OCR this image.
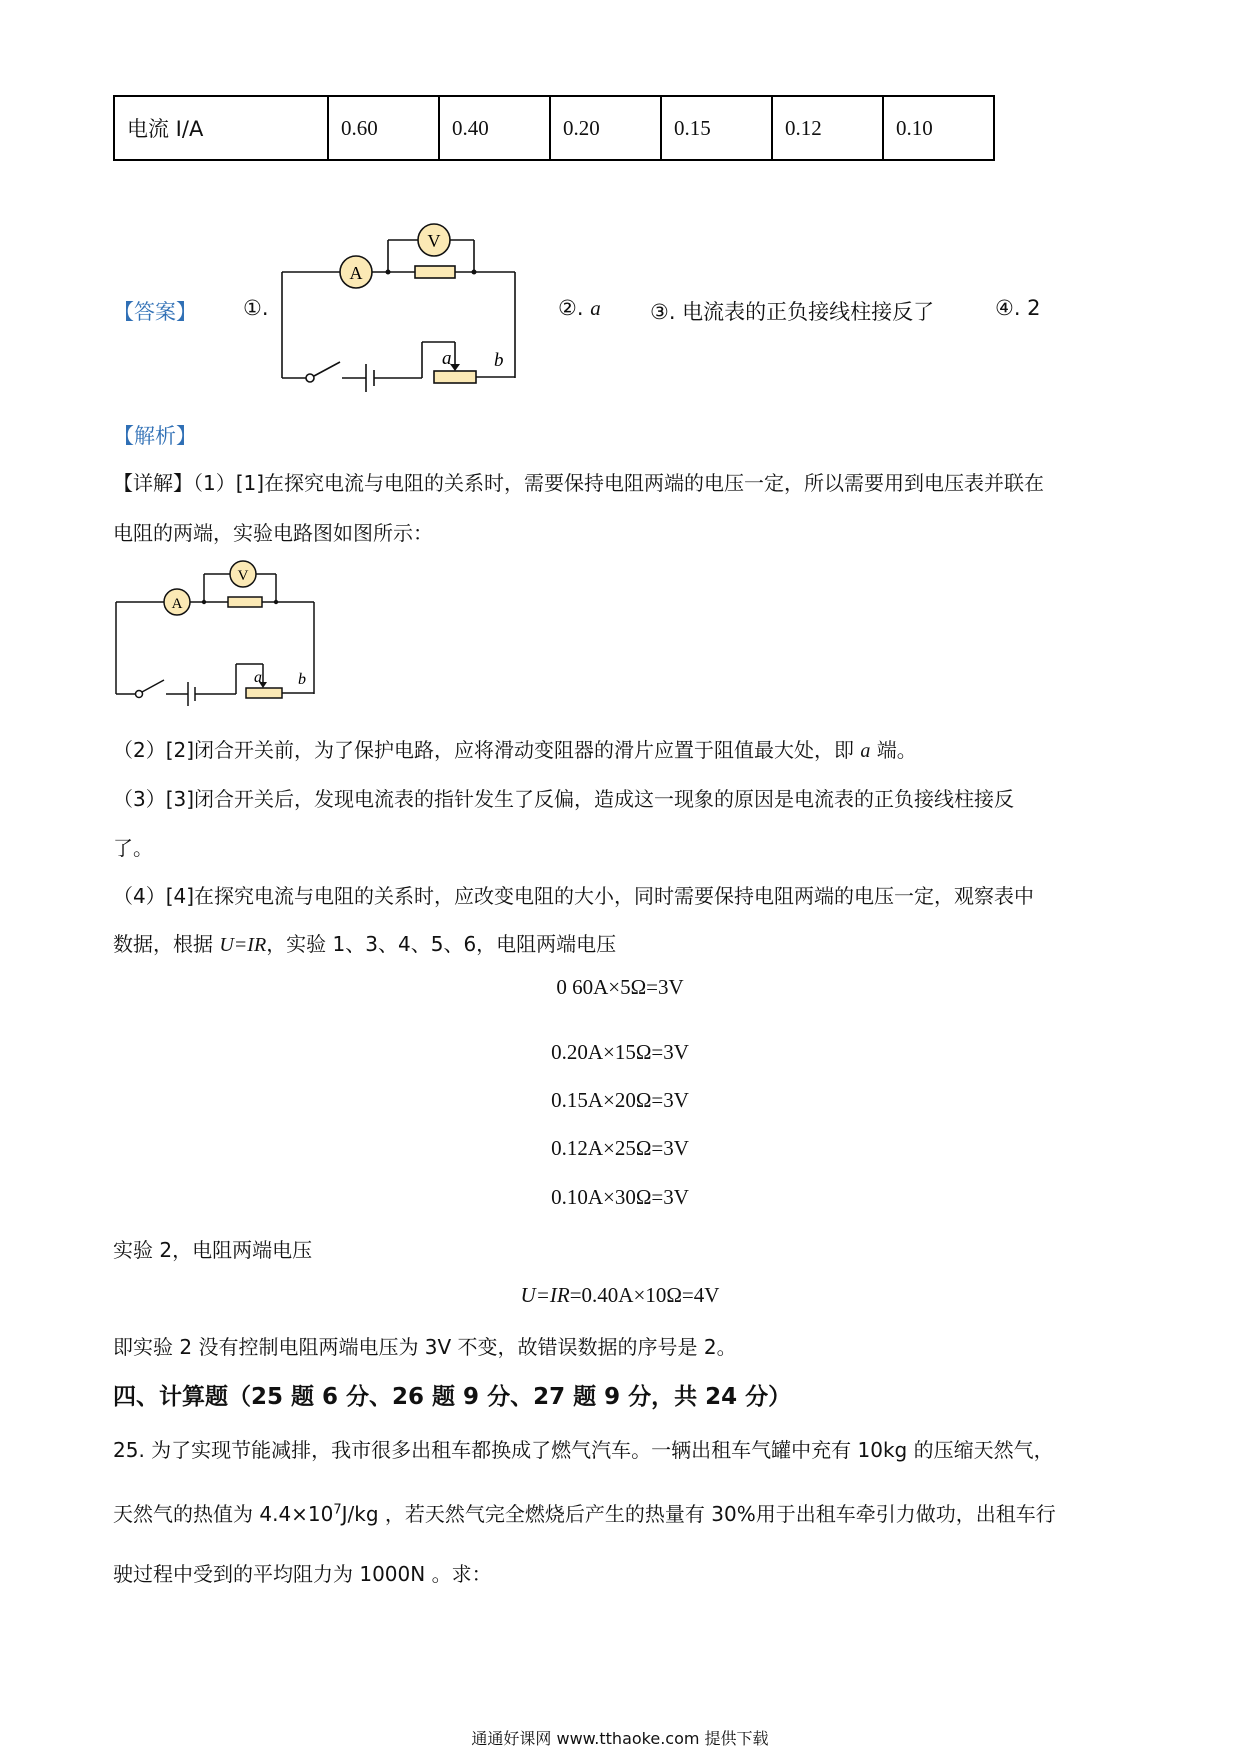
电流 I/A	0.60	0.40	0.20	0.15	0.12	0.10
【答案】 ①.
A
V
a b
②. a ③. 电流表的正负接线柱接反了	④. 2
【解析】
【详解】（1）[1]在探究电流与电阻的关系时，需要保持电阻两端的电压一定，所以需要用到电压表并联在
电阻的两端，实验电路图如图所示：
A
V
a b
（2）[2]闭合开关前，为了保护电路，应将滑动变阻器的滑片应置于阻值最大处，即 a 端。
（3）[3]闭合开关后，发现电流表的指针发生了反偏，造成这一现象的原因是电流表的正负接线柱接反
了。
（4）[4]在探究电流与电阻的关系时，应改变电阻的大小，同时需要保持电阻两端的电压一定，观察表中
数据，根据 U=IR，实验 1、3、4、5、6，电阻两端电压
0 60A×5Ω=3V
0.20A×15Ω=3V
0.15A×20Ω=3V
0.12A×25Ω=3V
0.10A×30Ω=3V
实验 2，电阻两端电压
U=IR=0.40A×10Ω=4V
即实验 2 没有控制电阻两端电压为 3V 不变，故错误数据的序号是 2。
四、计算题（25 题 6 分、26 题 9 分、27 题 9 分，共 24 分）
25. 为了实现节能减排，我市很多出租车都换成了燃气汽车。一辆出租车气罐中充有 10kg 的压缩天然气，
天然气的热值为 $4.4\times 10^7J/kg$ ，若天然气完全燃烧后产生的热量有 30%用于出租车牵引力做功，出租车行
驶过程中受到的平均阻力为 1000N 。求：
通通好课网 www.tthaoke.com 提供下载
